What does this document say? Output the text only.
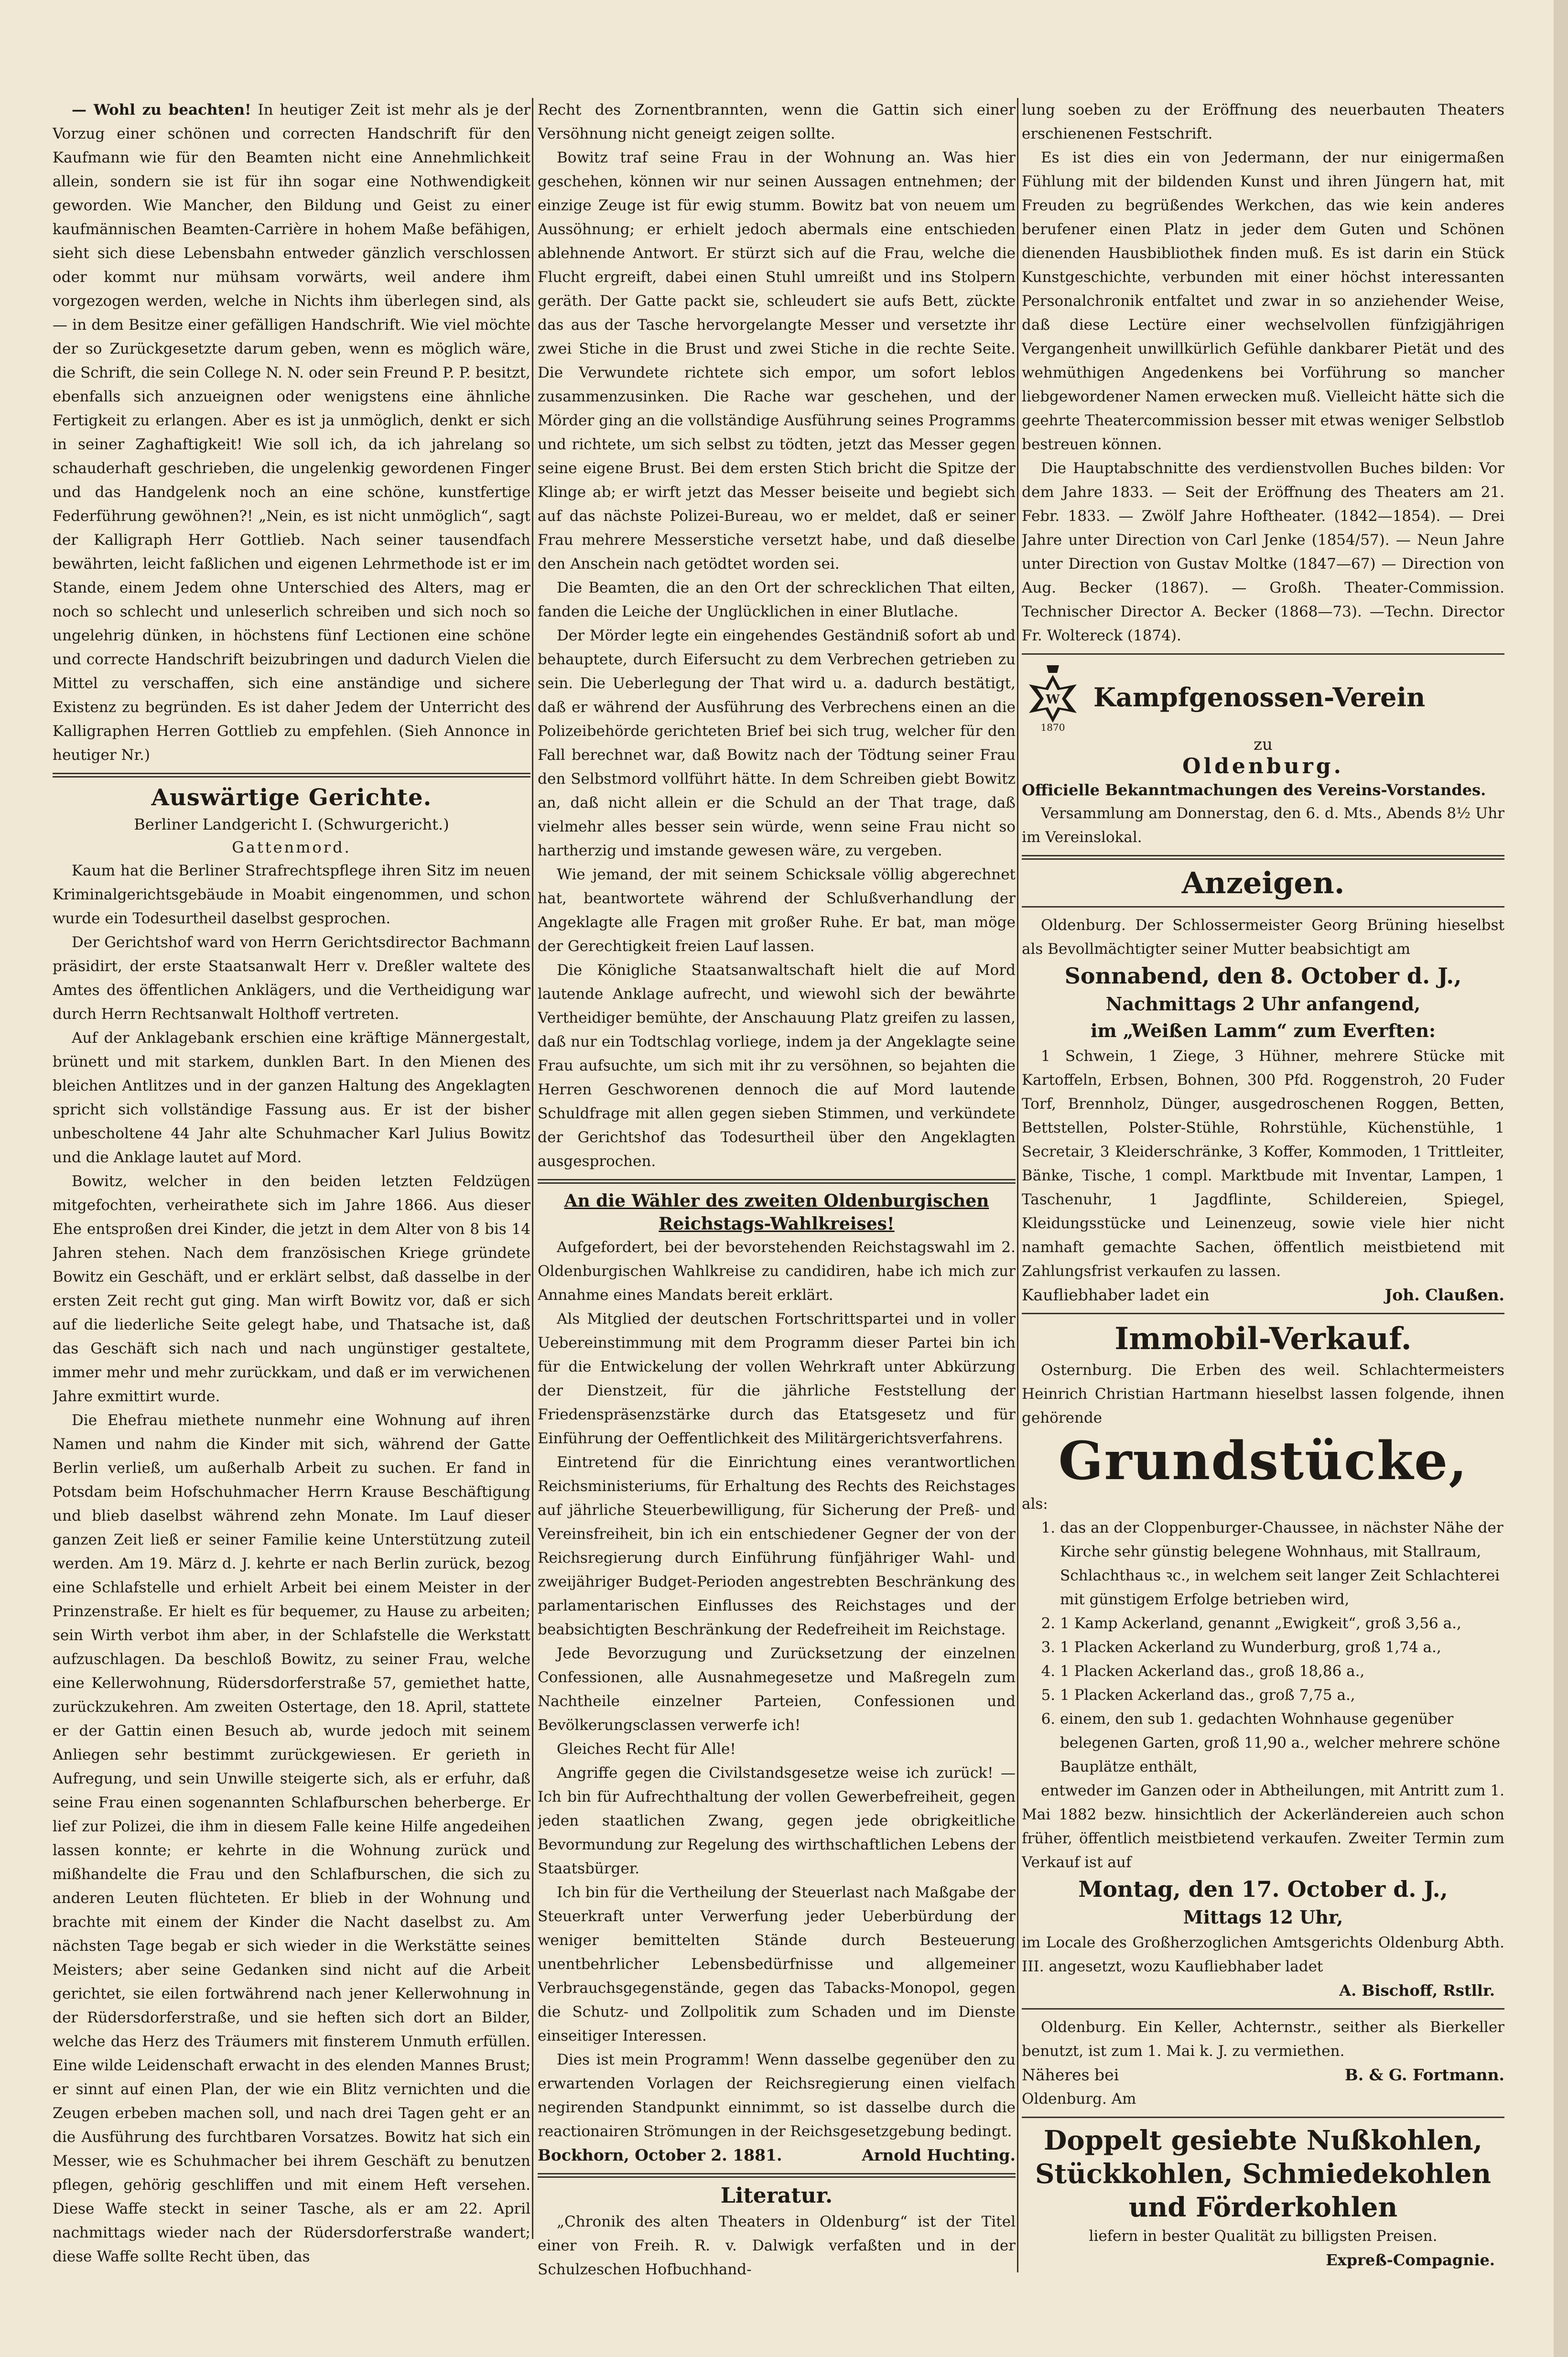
— Wohl zu beachten! In heutiger Zeit ist mehr als je der Vorzug einer schönen und correcten Handschrift für den Kaufmann wie für den Beamten nicht eine Annehmlichkeit allein, sondern sie ist für ihn sogar eine Nothwendigkeit geworden. Wie Mancher, den Bildung und Geist zu einer kaufmännischen Beamten-Carrière in hohem Maße befähigen, sieht sich diese Lebensbahn entweder gänzlich verschlossen oder kommt nur mühsam vorwärts, weil andere ihm vorgezogen werden, welche in Nichts ihm überlegen sind, als — in dem Besitze einer gefälligen Handschrift. Wie viel möchte der so Zurückgesetzte darum geben, wenn es möglich wäre, die Schrift, die sein College N. N. oder sein Freund P. P. besitzt, ebenfalls sich anzueignen oder wenigstens eine ähnliche Fertigkeit zu erlangen. Aber es ist ja unmöglich, denkt er sich in seiner Zaghaftigkeit! Wie soll ich, da ich jahrelang so schauderhaft geschrieben, die ungelenkig gewordenen Finger und das Handgelenk noch an eine schöne, kunstfertige Federführung gewöhnen?! „Nein, es ist nicht unmöglich“, sagt der Kalligraph Herr Gottlieb. Nach seiner tausendfach bewährten, leicht faßlichen und eigenen Lehrmethode ist er im Stande, einem Jedem ohne Unterschied des Alters, mag er noch so schlecht und unleserlich schreiben und sich noch so ungelehrig dünken, in höchstens fünf Lectionen eine schöne und correcte Handschrift beizubringen und dadurch Vielen die Mittel zu verschaffen, sich eine anständige und sichere Existenz zu begründen. Es ist daher Jedem der Unterricht des Kalligraphen Herren Gottlieb zu empfehlen. (Sieh Annonce in heutiger Nr.)

Auswärtige Gerichte.
Berliner Landgericht I. (Schwurgericht.)
Gattenmord.

Kaum hat die Berliner Strafrechtspflege ihren Sitz im neuen Kriminalgerichtsgebäude in Moabit eingenommen, und schon wurde ein Todesurtheil daselbst gesprochen.

Der Gerichtshof ward von Herrn Gerichtsdirector Bachmann präsidirt, der erste Staatsanwalt Herr v. Dreßler waltete des Amtes des öffentlichen Anklägers, und die Vertheidigung war durch Herrn Rechtsanwalt Holthoff vertreten.

Auf der Anklagebank erschien eine kräftige Männergestalt, brünett und mit starkem, dunklen Bart. In den Mienen des bleichen Antlitzes und in der ganzen Haltung des Angeklagten spricht sich vollständige Fassung aus. Er ist der bisher unbescholtene 44 Jahr alte Schuhmacher Karl Julius Bowitz und die Anklage lautet auf Mord.

Bowitz, welcher in den beiden letzten Feldzügen mitgefochten, verheirathete sich im Jahre 1866. Aus dieser Ehe entsproßen drei Kinder, die jetzt in dem Alter von 8 bis 14 Jahren stehen. Nach dem französischen Kriege gründete Bowitz ein Geschäft, und er erklärt selbst, daß dasselbe in der ersten Zeit recht gut ging. Man wirft Bowitz vor, daß er sich auf die liederliche Seite gelegt habe, und Thatsache ist, daß das Geschäft sich nach und nach ungünstiger gestaltete, immer mehr und mehr zurückkam, und daß er im verwichenen Jahre exmittirt wurde.

Die Ehefrau miethete nunmehr eine Wohnung auf ihren Namen und nahm die Kinder mit sich, während der Gatte Berlin verließ, um außerhalb Arbeit zu suchen. Er fand in Potsdam beim Hofschuhmacher Herrn Krause Beschäftigung und blieb daselbst während zehn Monate. Im Lauf dieser ganzen Zeit ließ er seiner Familie keine Unterstützung zuteil werden. Am 19. März d. J. kehrte er nach Berlin zurück, bezog eine Schlafstelle und erhielt Arbeit bei einem Meister in der Prinzenstraße. Er hielt es für bequemer, zu Hause zu arbeiten; sein Wirth verbot ihm aber, in der Schlafstelle die Werkstatt aufzuschlagen. Da beschloß Bowitz, zu seiner Frau, welche eine Kellerwohnung, Rüdersdorferstraße 57, gemiethet hatte, zurückzukehren. Am zweiten Ostertage, den 18. April, stattete er der Gattin einen Besuch ab, wurde jedoch mit seinem Anliegen sehr bestimmt zurückgewiesen. Er gerieth in Aufregung, und sein Unwille steigerte sich, als er erfuhr, daß seine Frau einen sogenannten Schlafburschen beherberge. Er lief zur Polizei, die ihm in diesem Falle keine Hilfe angedeihen lassen konnte; er kehrte in die Wohnung zurück und mißhandelte die Frau und den Schlafburschen, die sich zu anderen Leuten flüchteten. Er blieb in der Wohnung und brachte mit einem der Kinder die Nacht daselbst zu. Am nächsten Tage begab er sich wieder in die Werkstätte seines Meisters; aber seine Gedanken sind nicht auf die Arbeit gerichtet, sie eilen fortwährend nach jener Kellerwohnung in der Rüdersdorferstraße, und sie heften sich dort an Bilder, welche das Herz des Träumers mit finsterem Unmuth erfüllen. Eine wilde Leidenschaft erwacht in des elenden Mannes Brust; er sinnt auf einen Plan, der wie ein Blitz vernichten und die Zeugen erbeben machen soll, und nach drei Tagen geht er an die Ausführung des furchtbaren Vorsatzes. Bowitz hat sich ein Messer, wie es Schuhmacher bei ihrem Geschäft zu benutzen pflegen, gehörig geschliffen und mit einem Heft versehen. Diese Waffe steckt in seiner Tasche, als er am 22. April nachmittags wieder nach der Rüdersdorferstraße wandert; diese Waffe sollte Recht üben, das

Recht des Zornentbrannten, wenn die Gattin sich einer Versöhnung nicht geneigt zeigen sollte.

Bowitz traf seine Frau in der Wohnung an. Was hier geschehen, können wir nur seinen Aussagen entnehmen; der einzige Zeuge ist für ewig stumm. Bowitz bat von neuem um Aussöhnung; er erhielt jedoch abermals eine entschieden ablehnende Antwort. Er stürzt sich auf die Frau, welche die Flucht ergreift, dabei einen Stuhl umreißt und ins Stolpern geräth. Der Gatte packt sie, schleudert sie aufs Bett, zückte das aus der Tasche hervorgelangte Messer und versetzte ihr zwei Stiche in die Brust und zwei Stiche in die rechte Seite. Die Verwundete richtete sich empor, um sofort leblos zusammenzusinken. Die Rache war geschehen, und der Mörder ging an die vollständige Ausführung seines Programms und richtete, um sich selbst zu tödten, jetzt das Messer gegen seine eigene Brust. Bei dem ersten Stich bricht die Spitze der Klinge ab; er wirft jetzt das Messer beiseite und begiebt sich auf das nächste Polizei-Bureau, wo er meldet, daß er seiner Frau mehrere Messerstiche versetzt habe, und daß dieselbe den Anschein nach getödtet worden sei.

Die Beamten, die an den Ort der schrecklichen That eilten, fanden die Leiche der Unglücklichen in einer Blutlache.

Der Mörder legte ein eingehendes Geständniß sofort ab und behauptete, durch Eifersucht zu dem Verbrechen getrieben zu sein. Die Ueberlegung der That wird u. a. dadurch bestätigt, daß er während der Ausführung des Verbrechens einen an die Polizeibehörde gerichteten Brief bei sich trug, welcher für den Fall berechnet war, daß Bowitz nach der Tödtung seiner Frau den Selbstmord vollführt hätte. In dem Schreiben giebt Bowitz an, daß nicht allein er die Schuld an der That trage, daß vielmehr alles besser sein würde, wenn seine Frau nicht so hartherzig und imstande gewesen wäre, zu vergeben.

Wie jemand, der mit seinem Schicksale völlig abgerechnet hat, beantwortete während der Schlußverhandlung der Angeklagte alle Fragen mit großer Ruhe. Er bat, man möge der Gerechtigkeit freien Lauf lassen.

Die Königliche Staatsanwaltschaft hielt die auf Mord lautende Anklage aufrecht, und wiewohl sich der bewährte Vertheidiger bemühte, der Anschauung Platz greifen zu lassen, daß nur ein Todtschlag vorliege, indem ja der Angeklagte seine Frau aufsuchte, um sich mit ihr zu versöhnen, so bejahten die Herren Geschworenen dennoch die auf Mord lautende Schuldfrage mit allen gegen sieben Stimmen, und verkündete der Gerichtshof das Todesurtheil über den Angeklagten ausgesprochen.

An die Wähler des zweiten Oldenburgischen Reichstags-Wahlkreises!

Aufgefordert, bei der bevorstehenden Reichstagswahl im 2. Oldenburgischen Wahlkreise zu candidiren, habe ich mich zur Annahme eines Mandats bereit erklärt.

Als Mitglied der deutschen Fortschrittspartei und in voller Uebereinstimmung mit dem Programm dieser Partei bin ich für die Entwickelung der vollen Wehrkraft unter Abkürzung der Dienstzeit, für die jährliche Feststellung der Friedenspräsenzstärke durch das Etatsgesetz und für Einführung der Oeffentlichkeit des Militärgerichtsverfahrens.

Eintretend für die Einrichtung eines verantwortlichen Reichsministeriums, für Erhaltung des Rechts des Reichstages auf jährliche Steuerbewilligung, für Sicherung der Preß- und Vereinsfreiheit, bin ich ein entschiedener Gegner der von der Reichsregierung durch Einführung fünfjähriger Wahl- und zweijähriger Budget-Perioden angestrebten Beschränkung des parlamentarischen Einflusses des Reichstages und der beabsichtigten Beschränkung der Redefreiheit im Reichstage.

Jede Bevorzugung und Zurücksetzung der einzelnen Confessionen, alle Ausnahmegesetze und Maßregeln zum Nachtheile einzelner Parteien, Confessionen und Bevölkerungsclassen verwerfe ich!

Gleiches Recht für Alle!

Angriffe gegen die Civilstandsgesetze weise ich zurück! — Ich bin für Aufrechthaltung der vollen Gewerbefreiheit, gegen jeden staatlichen Zwang, gegen jede obrigkeitliche Bevormundung zur Regelung des wirthschaftlichen Lebens der Staatsbürger.

Ich bin für die Vertheilung der Steuerlast nach Maßgabe der Steuerkraft unter Verwerfung jeder Ueberbürdung der weniger bemittelten Stände durch Besteuerung unentbehrlicher Lebensbedürfnisse und allgemeiner Verbrauchsgegenstände, gegen das Tabacks-Monopol, gegen die Schutz- und Zollpolitik zum Schaden und im Dienste einseitiger Interessen.

Dies ist mein Programm! Wenn dasselbe gegenüber den zu erwartenden Vorlagen der Reichsregierung einen vielfach negirenden Standpunkt einnimmt, so ist dasselbe durch die reactionairen Strömungen in der Reichsgesetzgebung bedingt.

Bockhorn, October 2. 1881.	Arnold Huchting.
Literatur.

„Chronik des alten Theaters in Oldenburg“ ist der Titel einer von Freih. R. v. Dalwigk verfaßten und in der Schulzeschen Hofbuchhand-

lung soeben zu der Eröffnung des neuerbauten Theaters erschienenen Festschrift.

Es ist dies ein von Jedermann, der nur einigermaßen Fühlung mit der bildenden Kunst und ihren Jüngern hat, mit Freuden zu begrüßendes Werkchen, das wie kein anderes berufener einen Platz in jeder dem Guten und Schönen dienenden Hausbibliothek finden muß. Es ist darin ein Stück Kunstgeschichte, verbunden mit einer höchst interessanten Personalchronik entfaltet und zwar in so anziehender Weise, daß diese Lectüre einer wechselvollen fünfzigjährigen Vergangenheit unwillkürlich Gefühle dankbarer Pietät und des wehmüthigen Angedenkens bei Vorführung so mancher liebgewordener Namen erwecken muß. Vielleicht hätte sich die geehrte Theatercommission besser mit etwas weniger Selbstlob bestreuen können.

Die Hauptabschnitte des verdienstvollen Buches bilden: Vor dem Jahre 1833. — Seit der Eröffnung des Theaters am 21. Febr. 1833. — Zwölf Jahre Hoftheater. (1842—1854). — Drei Jahre unter Direction von Carl Jenke (1854/57). — Neun Jahre unter Direction von Gustav Moltke (1847—67) — Direction von Aug. Becker (1867). — Großh. Theater-Commission. Technischer Director A. Becker (1868—73). —Techn. Director Fr. Woltereck (1874).

W
1870
Kampfgenossen-Verein
zu
Oldenburg.
Officielle Bekanntmachungen des Vereins-Vorstandes.

Versammlung am Donnerstag, den 6. d. Mts., Abends 8½ Uhr im Vereinslokal.

Anzeigen.

Oldenburg. Der Schlossermeister Georg Brüning hieselbst als Bevollmächtigter seiner Mutter beabsichtigt am

Sonnabend, den 8. October d. J.,
Nachmittags 2 Uhr anfangend,
im „Weißen Lamm“ zum Everften:

1 Schwein, 1 Ziege, 3 Hühner, mehrere Stücke mit Kartoffeln, Erbsen, Bohnen, 300 Pfd. Roggenstroh, 20 Fuder Torf, Brennholz, Dünger, ausgedroschenen Roggen, Betten, Bettstellen, Polster-Stühle, Rohrstühle, Küchenstühle, 1 Secretair, 3 Kleiderschränke, 3 Koffer, Kommoden, 1 Trittleiter, Bänke, Tische, 1 compl. Marktbude mit Inventar, Lampen, 1 Taschenuhr, 1 Jagdflinte, Schildereien, Spiegel, Kleidungsstücke und Leinenzeug, sowie viele hier nicht namhaft gemachte Sachen, öffentlich meistbietend mit Zahlungsfrist verkaufen zu lassen.

Kaufliebhaber ladet ein	Joh. Claußen.
Immobil-Verkauf.

Osternburg. Die Erben des weil. Schlachtermeisters Heinrich Christian Hartmann hieselbst lassen folgende, ihnen gehörende

Grundstücke,

als:

1. das an der Cloppenburger-Chaussee, in nächster Nähe der Kirche sehr günstig belegene Wohnhaus, mit Stallraum, Schlachthaus ꝛc., in welchem seit langer Zeit Schlachterei mit günstigem Erfolge betrieben wird,
2. 1 Kamp Ackerland, genannt „Ewigkeit“, groß 3,56 a.,
3. 1 Placken Ackerland zu Wunderburg, groß 1,74 a.,
4. 1 Placken Ackerland das., groß 18,86 a.,
5. 1 Placken Ackerland das., groß 7,75 a.,
6. einem, den sub 1. gedachten Wohnhause gegenüber belegenen Garten, groß 11,90 a., welcher mehrere schöne Bauplätze enthält,

entweder im Ganzen oder in Abtheilungen, mit Antritt zum 1. Mai 1882 bezw. hinsichtlich der Ackerländereien auch schon früher, öffentlich meistbietend verkaufen. Zweiter Termin zum Verkauf ist auf

Montag, den 17. October d. J.,
Mittags 12 Uhr,

im Locale des Großherzoglichen Amtsgerichts Oldenburg Abth. III. angesetzt, wozu Kaufliebhaber ladet

A. Bischoff, Rstllr.

Oldenburg. Ein Keller, Achternstr., seither als Bierkeller benutzt, ist zum 1. Mai k. J. zu vermiethen.

Näheres bei	B. & G. Fortmann.

Oldenburg. Am

Doppelt gesiebte Nußkohlen, Stückkohlen, Schmiedekohlen und Förderkohlen

liefern in bester Qualität zu billigsten Preisen.

Expreß-Compagnie.
